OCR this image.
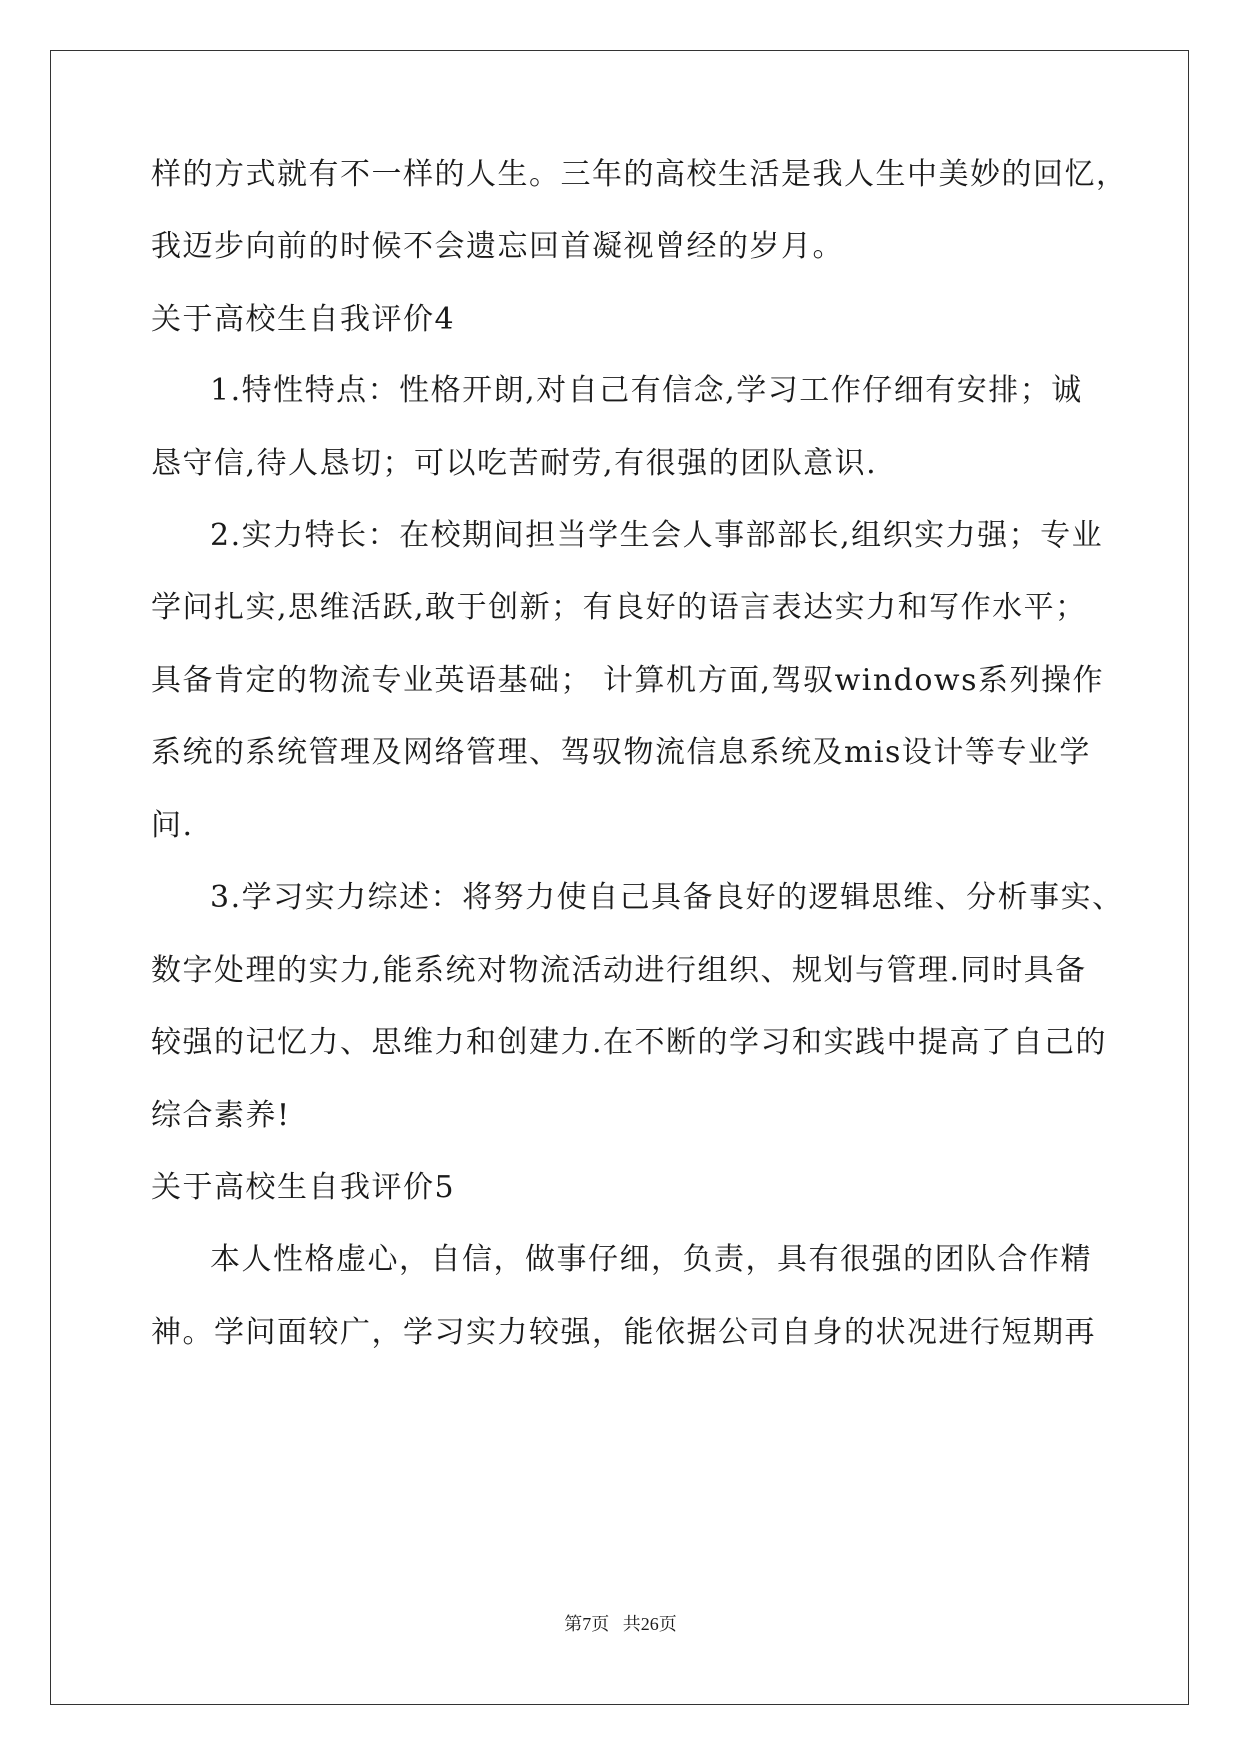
样的方式就有不一样的人生。三年的高校生活是我人生中美妙的回忆，
我迈步向前的时候不会遗忘回首凝视曾经的岁月。
关于高校生自我评价4
1.特性特点：性格开朗,对自己有信念,学习工作仔细有安排；诚
恳守信,待人恳切；可以吃苦耐劳,有很强的团队意识.
2.实力特长：在校期间担当学生会人事部部长,组织实力强；专业
学问扎实,思维活跃,敢于创新；有良好的语言表达实力和写作水平；
具备肯定的物流专业英语基础； 计算机方面,驾驭windows系列操作
系统的系统管理及网络管理、驾驭物流信息系统及mis设计等专业学
问.
3.学习实力综述：将努力使自己具备良好的逻辑思维、分析事实、
数字处理的实力,能系统对物流活动进行组织、规划与管理.同时具备
较强的记忆力、思维力和创建力.在不断的学习和实践中提高了自己的
综合素养!
关于高校生自我评价5
本人性格虚心，自信，做事仔细，负责，具有很强的团队合作精
神。学问面较广，学习实力较强，能依据公司自身的状况进行短期再
第7页   共26页
